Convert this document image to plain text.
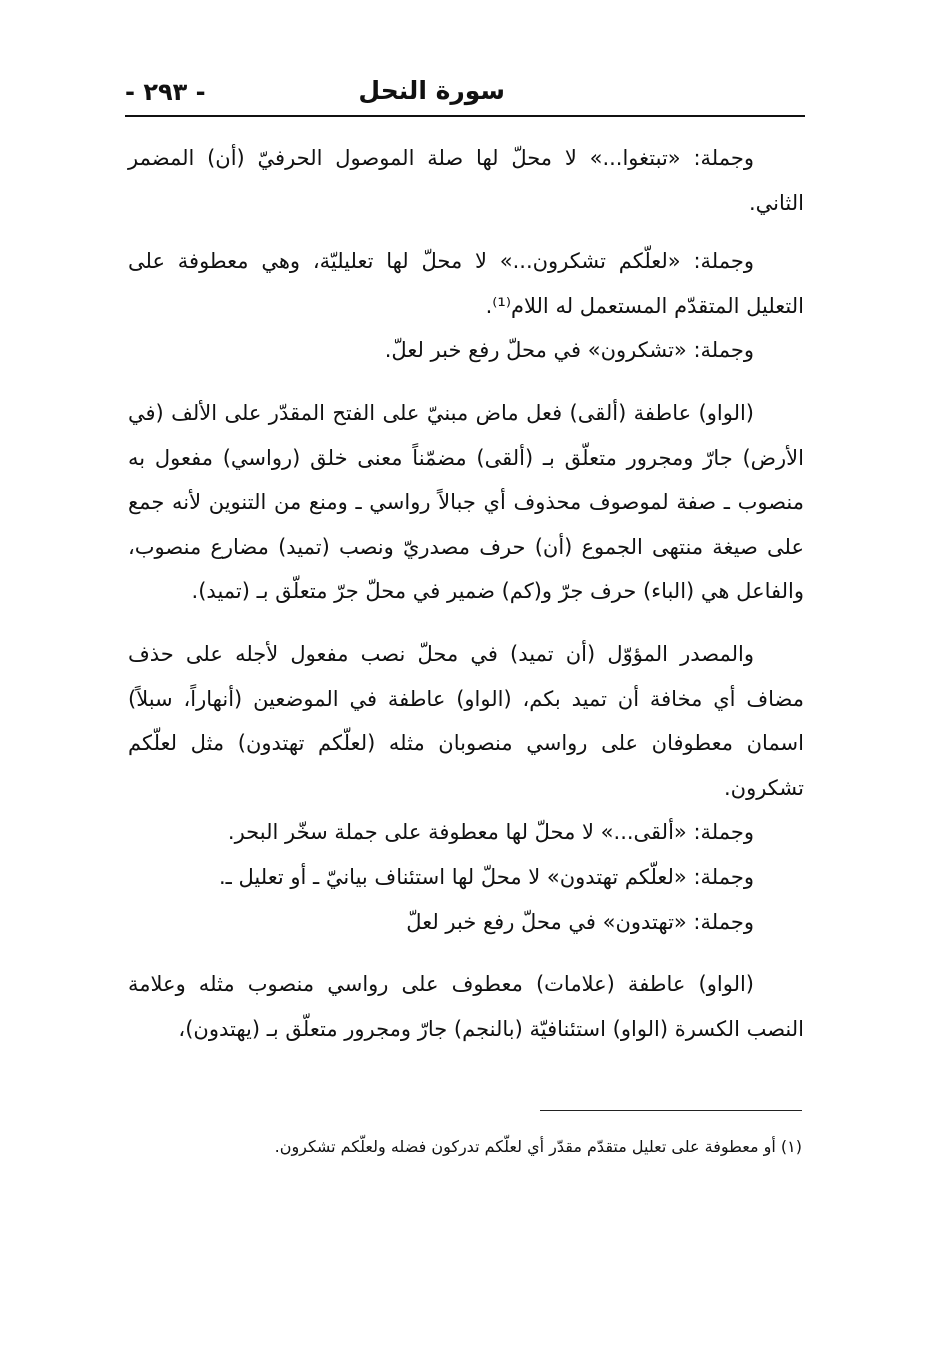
سورة النحل
- ٢٩٣ -

وجملة: «تبتغوا...» لا محلّ لها صلة الموصول الحرفيّ (أن) المضمر الثاني.

وجملة: «لعلّكم تشكرون...» لا محلّ لها تعليليّة، وهي معطوفة على التعليل المتقدّم المستعمل له اللام⁽¹⁾.

وجملة: «تشكرون» في محلّ رفع خبر لعلّ.

(الواو) عاطفة (ألقى) فعل ماض مبنيّ على الفتح المقدّر على الألف (في الأرض) جارّ ومجرور متعلّق بـ (ألقى) مضمّناً معنى خلق (رواسي) مفعول به منصوب ـ صفة لموصوف محذوف أي جبالاً رواسي ـ ومنع من التنوين لأنه جمع على صيغة منتهى الجموع (أن) حرف مصدريّ ونصب (تميد) مضارع منصوب، والفاعل هي (الباء) حرف جرّ و(كم) ضمير في محلّ جرّ متعلّق بـ (تميد).

والمصدر المؤوّل (أن تميد) في محلّ نصب مفعول لأجله على حذف مضاف أي مخافة أن تميد بكم، (الواو) عاطفة في الموضعين (أنهاراً، سبلاً) اسمان معطوفان على رواسي منصوبان مثله (لعلّكم تهتدون) مثل لعلّكم تشكرون.

وجملة: «ألقى...» لا محلّ لها معطوفة على جملة سخّر البحر.

وجملة: «لعلّكم تهتدون» لا محلّ لها استئناف بيانيّ ـ أو تعليل ـ.

وجملة: «تهتدون» في محلّ رفع خبر لعلّ

(الواو) عاطفة (علامات) معطوف على رواسي منصوب مثله وعلامة النصب الكسرة (الواو) استئنافيّة (بالنجم) جارّ ومجرور متعلّق بـ (يهتدون)،

(١) أو معطوفة على تعليل متقدّم مقدّر أي لعلّكم تدركون فضله ولعلّكم تشكرون.
